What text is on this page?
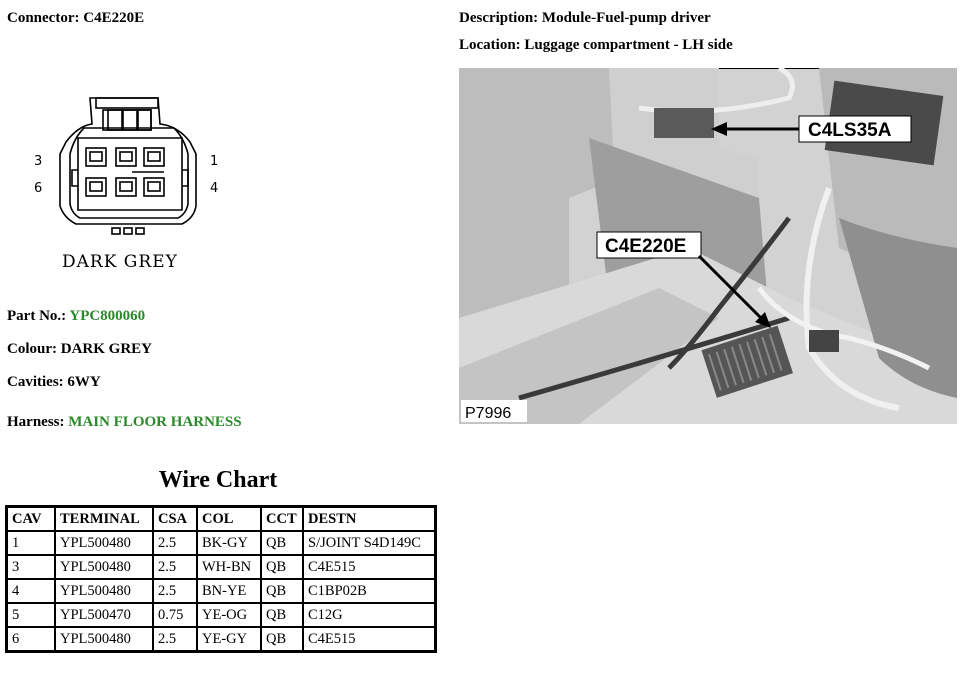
Connector: C4E220E	Description: Module-Fuel-pump driver
Location: Luggage compartment - LH side
3	1
6	4
DARK GREY
Part No.: YPC800060
Colour: DARK GREY
Cavities: 6WY
Harness: MAIN FLOOR HARNESS
C4LS35A
C4E220E
P7996
Wire Chart
CAV	TERMINAL	CSA	COL	CCT	DESTN
1	YPL500480	2.5	BK-GY	QB	S/JOINT S4D149C
3	YPL500480	2.5	WH-BN	QB	C4E515
4	YPL500480	2.5	BN-YE	QB	C1BP02B
5	YPL500470	0.75	YE-OG	QB	C12G
6	YPL500480	2.5	YE-GY	QB	C4E515
